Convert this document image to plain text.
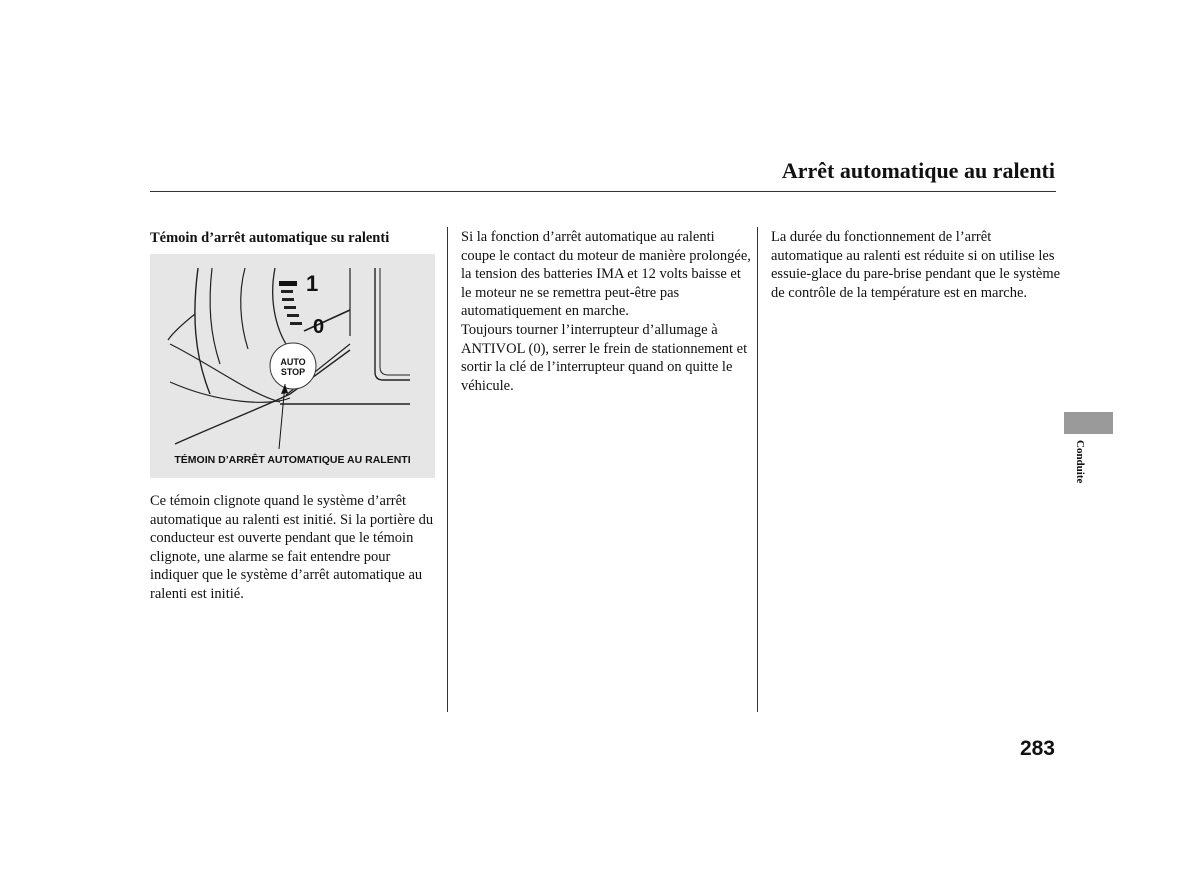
Arrêt automatique au ralenti
Témoin d’arrêt automatique su ralenti
1
0
AUTO
STOP
TÉMOIN D’ARRÊT AUTOMATIQUE AU RALENTI

Ce témoin clignote quand le système d’arrêt automatique au ralenti est initié. Si la portière du conducteur est ouverte pendant que le témoin clignote, une alarme se fait entendre pour indiquer que le système d’arrêt automatique au ralenti est initié.

Si la fonction d’arrêt automatique au ralenti coupe le contact du moteur de manière prolongée, la tension des batteries IMA et 12 volts baisse et le moteur ne se remettra peut-être pas automatiquement en marche.

Toujours tourner l’interrupteur d’allumage à ANTIVOL (0), serrer le frein de stationnement et sortir la clé de l’interrupteur quand on quitte le véhicule.

La durée du fonctionnement de l’arrêt automatique au ralenti est réduite si on utilise les essuie-glace du pare-brise pendant que le système de contrôle de la température est en marche.

Conduite
283
